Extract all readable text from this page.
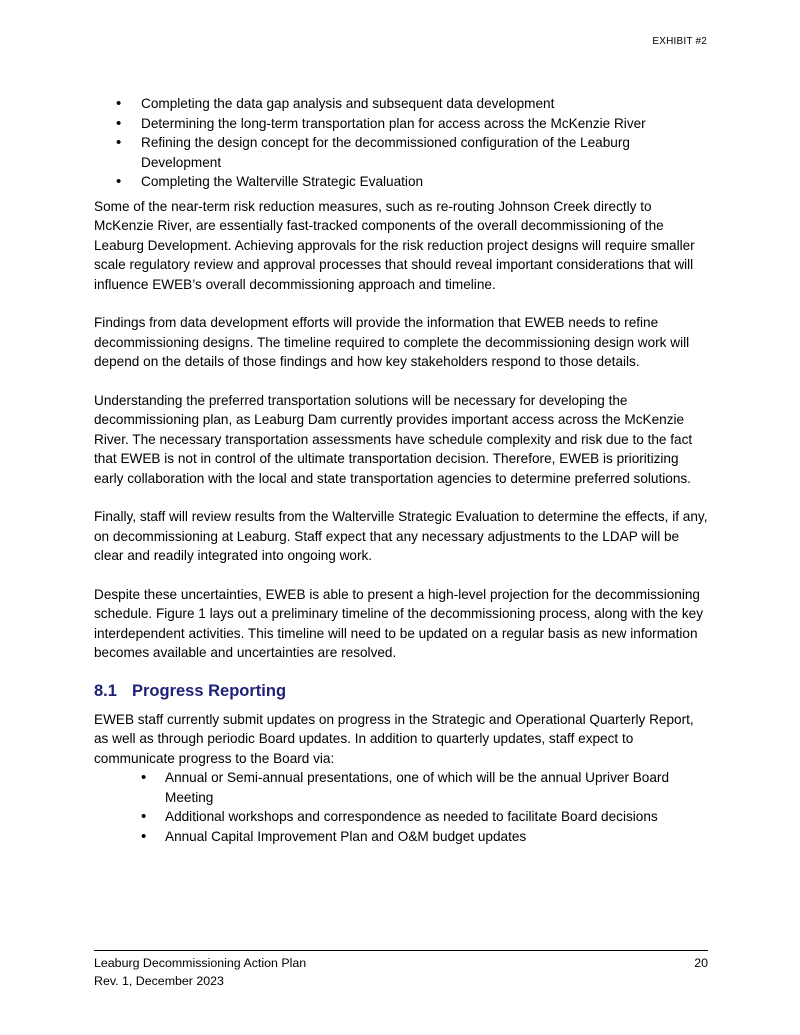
EXHIBIT #2
• Completing the data gap analysis and subsequent data development
• Determining the long-term transportation plan for access across the McKenzie River
• Refining the design concept for the decommissioned configuration of the Leaburg Development
• Completing the Walterville Strategic Evaluation

Some of the near-term risk reduction measures, such as re-routing Johnson Creek directly to McKenzie River, are essentially fast-tracked components of the overall decommissioning of the Leaburg Development. Achieving approvals for the risk reduction project designs will require smaller scale regulatory review and approval processes that should reveal important considerations that will influence EWEB’s overall decommissioning approach and timeline.

Findings from data development efforts will provide the information that EWEB needs to refine decommissioning designs. The timeline required to complete the decommissioning design work will depend on the details of those findings and how key stakeholders respond to those details.

Understanding the preferred transportation solutions will be necessary for developing the decommissioning plan, as Leaburg Dam currently provides important access across the McKenzie River. The necessary transportation assessments have schedule complexity and risk due to the fact that EWEB is not in control of the ultimate transportation decision. Therefore, EWEB is prioritizing early collaboration with the local and state transportation agencies to determine preferred solutions.

Finally, staff will review results from the Walterville Strategic Evaluation to determine the effects, if any, on decommissioning at Leaburg. Staff expect that any necessary adjustments to the LDAP will be clear and readily integrated into ongoing work.

Despite these uncertainties, EWEB is able to present a high-level projection for the decommissioning schedule. Figure 1 lays out a preliminary timeline of the decommissioning process, along with the key interdependent activities. This timeline will need to be updated on a regular basis as new information becomes available and uncertainties are resolved.

8.1 Progress Reporting

EWEB staff currently submit updates on progress in the Strategic and Operational Quarterly Report, as well as through periodic Board updates. In addition to quarterly updates, staff expect to communicate progress to the Board via:

• Annual or Semi-annual presentations, one of which will be the annual Upriver Board Meeting
• Additional workshops and correspondence as needed to facilitate Board decisions
• Annual Capital Improvement Plan and O&M budget updates
Leaburg Decommissioning Action Plan	20
Rev. 1, December 2023
